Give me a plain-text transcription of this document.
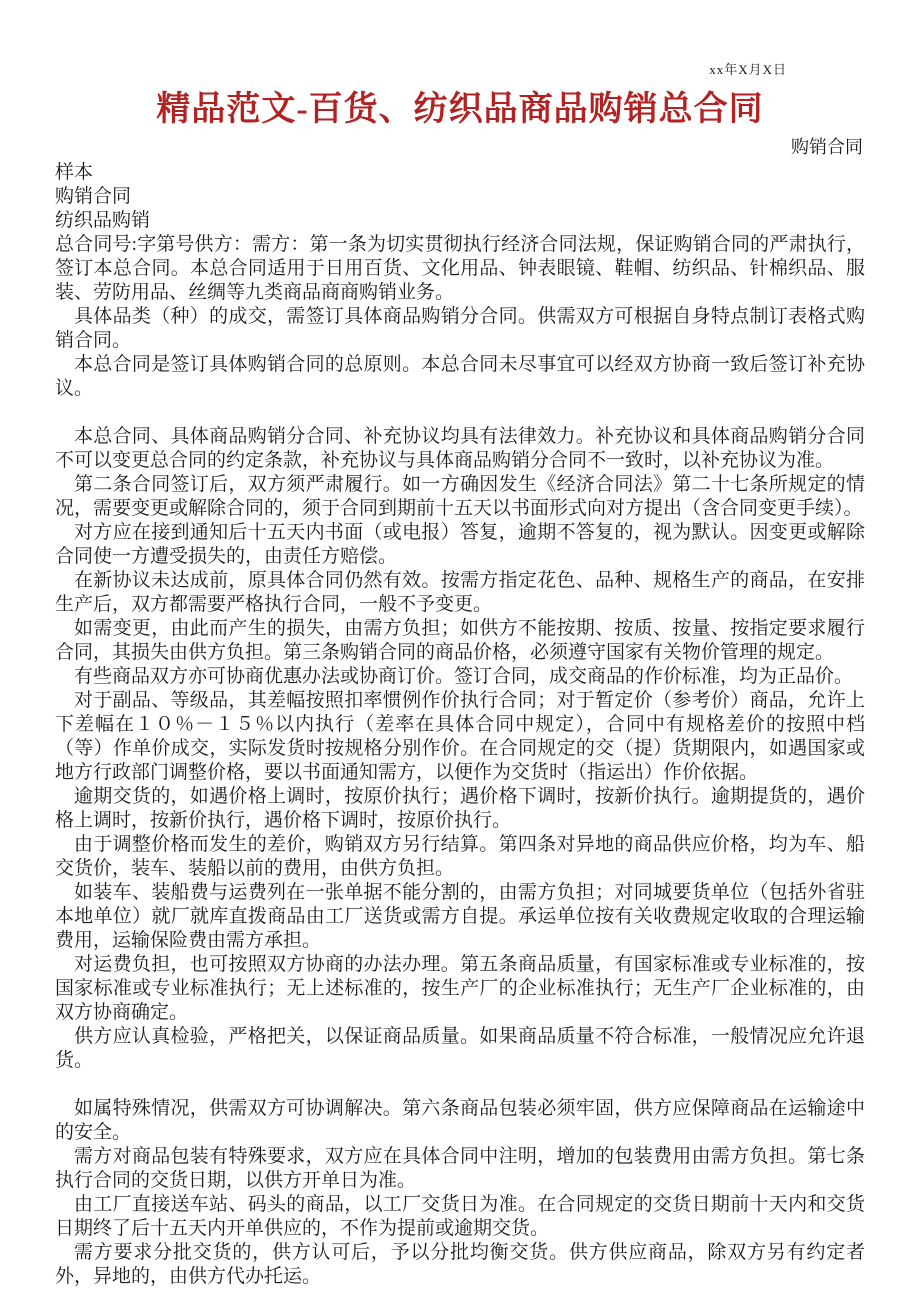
xx年X月X日
精品范文-百货、纺织品商品购销总合同
购销合同

样本

购销合同

纺织品购销

总合同号:字第号供方：需方：第一条为切实贯彻执行经济合同法规，保证购销合同的严肃执行，签订本总合同。本总合同适用于日用百货、文化用品、钟表眼镜、鞋帽、纺织品、针棉织品、服装、劳防用品、丝绸等九类商品商商购销业务。

具体品类（种）的成交，需签订具体商品购销分合同。供需双方可根据自身特点制订表格式购销合同。

本总合同是签订具体购销合同的总原则。本总合同未尽事宜可以经双方协商一致后签订补充协议。

本总合同、具体商品购销分合同、补充协议均具有法律效力。补充协议和具体商品购销分合同不可以变更总合同的约定条款，补充协议与具体商品购销分合同不一致时，以补充协议为准。

第二条合同签订后，双方须严肃履行。如一方确因发生《经济合同法》第二十七条所规定的情况，需要变更或解除合同的，须于合同到期前十五天以书面形式向对方提出（含合同变更手续）。

对方应在接到通知后十五天内书面（或电报）答复，逾期不答复的，视为默认。因变更或解除合同使一方遭受损失的，由责任方赔偿。

在新协议未达成前，原具体合同仍然有效。按需方指定花色、品种、规格生产的商品，在安排生产后，双方都需要严格执行合同，一般不予变更。

如需变更，由此而产生的损失，由需方负担；如供方不能按期、按质、按量、按指定要求履行合同，其损失由供方负担。第三条购销合同的商品价格，必须遵守国家有关物价管理的规定。

有些商品双方亦可协商优惠办法或协商订价。签订合同，成交商品的作价标准，均为正品价。

对于副品、等级品，其差幅按照扣率惯例作价执行合同；对于暂定价（参考价）商品，允许上下差幅在１０％－１５％以内执行（差率在具体合同中规定），合同中有规格差价的按照中档（等）作单价成交，实际发货时按规格分别作价。在合同规定的交（提）货期限内，如遇国家或地方行政部门调整价格，要以书面通知需方，以便作为交货时（指运出）作价依据。

逾期交货的，如遇价格上调时，按原价执行；遇价格下调时，按新价执行。逾期提货的，遇价格上调时，按新价执行，遇价格下调时，按原价执行。

由于调整价格而发生的差价，购销双方另行结算。第四条对异地的商品供应价格，均为车、船交货价，装车、装船以前的费用，由供方负担。

如装车、装船费与运费列在一张单据不能分割的，由需方负担；对同城要货单位（包括外省驻本地单位）就厂就库直拨商品由工厂送货或需方自提。承运单位按有关收费规定收取的合理运输费用，运输保险费由需方承担。

对运费负担，也可按照双方协商的办法办理。第五条商品质量，有国家标准或专业标准的，按国家标准或专业标准执行；无上述标准的，按生产厂的企业标准执行；无生产厂企业标准的，由双方协商确定。

供方应认真检验，严格把关，以保证商品质量。如果商品质量不符合标准，一般情况应允许退货。

如属特殊情况，供需双方可协调解决。第六条商品包装必须牢固，供方应保障商品在运输途中的安全。

需方对商品包装有特殊要求，双方应在具体合同中注明，增加的包装费用由需方负担。第七条执行合同的交货日期，以供方开单日为准。

由工厂直接送车站、码头的商品，以工厂交货日为准。在合同规定的交货日期前十天内和交货日期终了后十五天内开单供应的，不作为提前或逾期交货。

需方要求分批交货的，供方认可后，予以分批均衡交货。供方供应商品，除双方另有约定者外，异地的，由供方代办托运。
